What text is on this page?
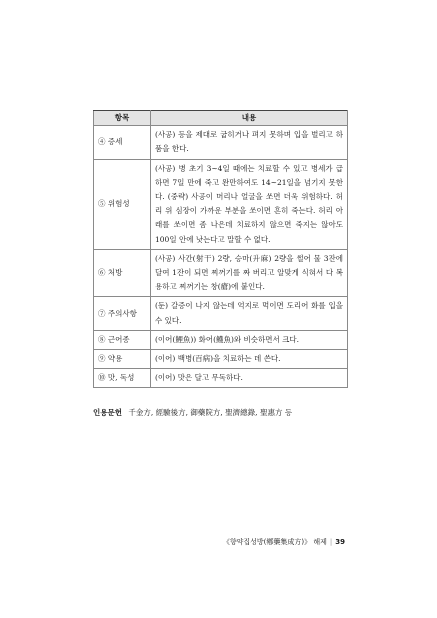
항목	내용
④ 증세	(사공) 등을 제대로 굽히거나 펴지 못하며 입을 벌리고 하품을 한다.
⑤ 위험성	(사공) 병 초기 3~4일 때에는 치료할 수 있고 병세가 급하면 7일 만에 죽고 완만하여도 14~21일을 넘기지 못한다. (중략) 사공이 머리나 얼굴을 쏘면 더욱 위험하다. 허리 위 심장이 가까운 부분을 쏘이면 흔히 죽는다. 허리 아래를 쏘이면 좀 나은데 치료하지 않으면 죽지는 않아도 100일 안에 낫는다고 말할 수 없다.
⑥ 처방	(사공) 사간(射干) 2량, 승마(升麻) 2량을 썰어 물 3잔에 달여 1잔이 되면 찌꺼기를 짜 버리고 알맞게 식혀서 다 복용하고 찌꺼기는 창(瘡)에 붙인다.
⑦ 주의사항	(둔) 갈증이 나지 않는데 억지로 먹이면 도리어 화를 입을 수 있다.
⑧ 근어종	(이어(鯉魚)) 화어(鱯魚)와 비슷하면서 크다.
⑨ 약용	(이어) 백병(百病)을 치료하는 데 쓴다.
⑩ 맛, 독성	(이어) 맛은 달고 무독하다.
인용문헌 千金方, 經驗後方, 御藥院方, 聖濟總錄, 聖惠方 등
《향약집성방(鄕藥集成方)》 해제 | 39
